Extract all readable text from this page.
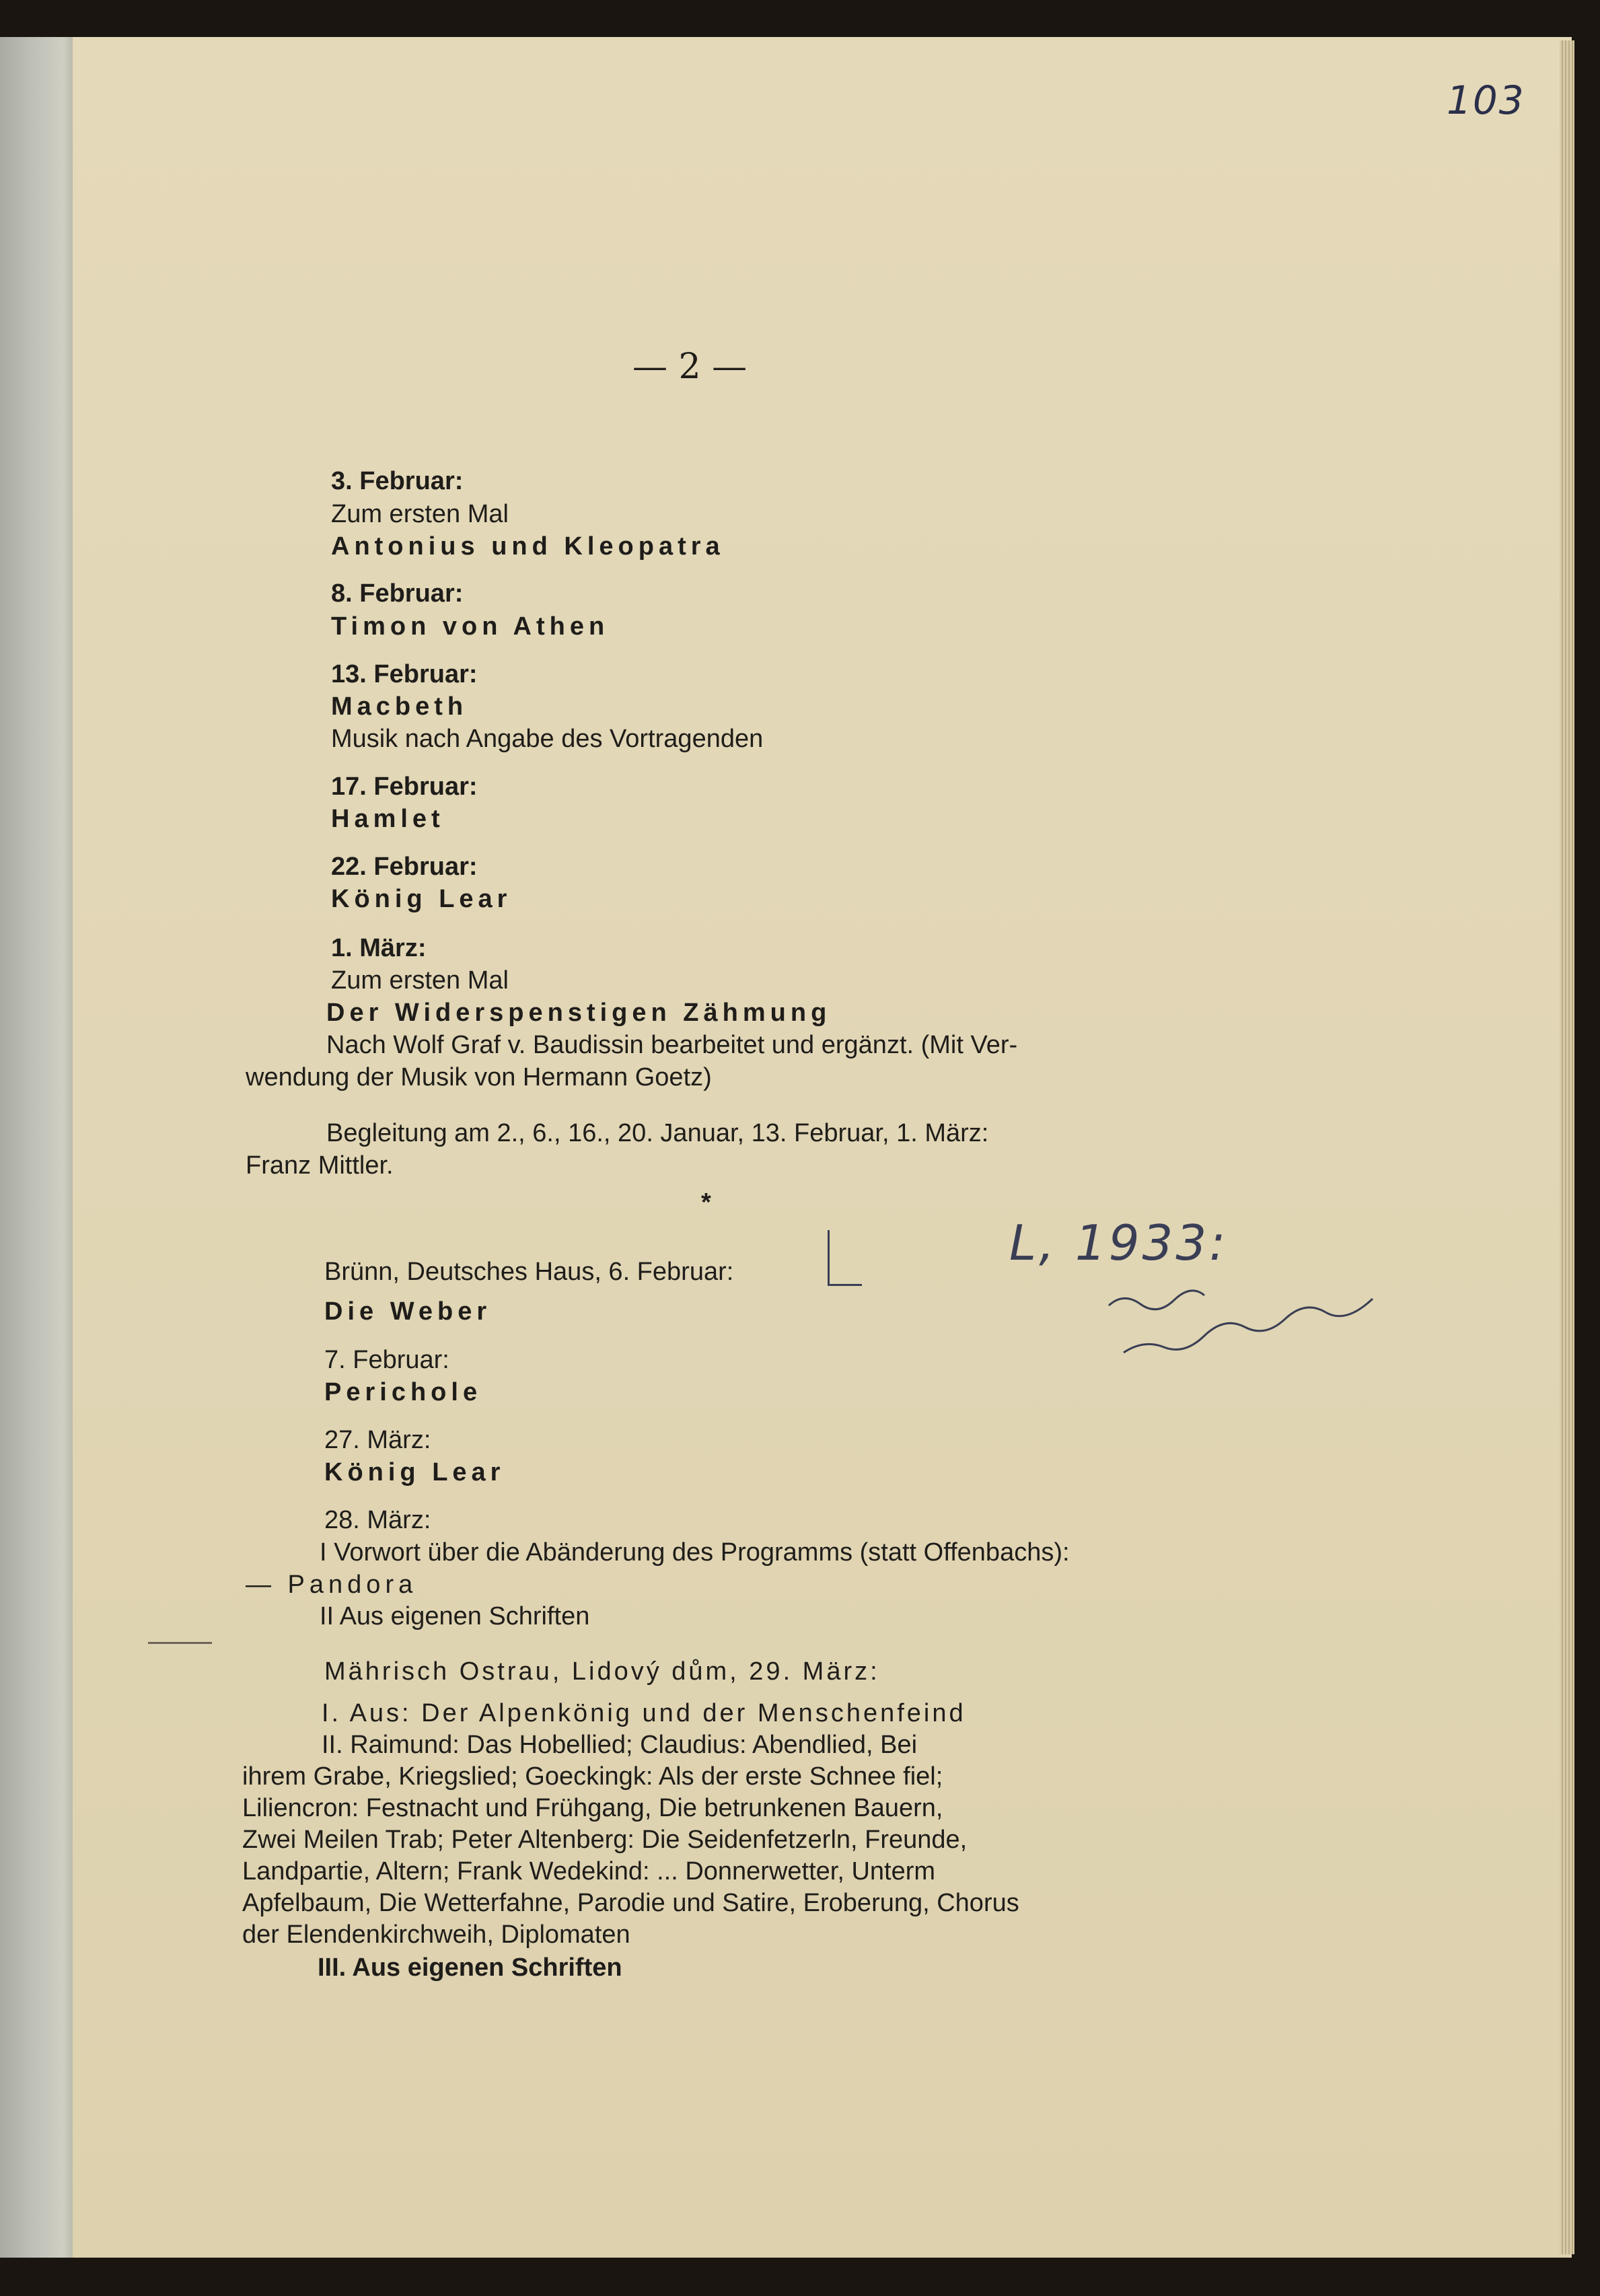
103
— 2 —
3. Februar:
Zum ersten Mal
Antonius und Kleopatra
8. Februar:
Timon von Athen
13. Februar:
Macbeth
Musik nach Angabe des Vortragenden
17. Februar:
Hamlet
22. Februar:
König Lear
1. März:
Zum ersten Mal
Der Widerspenstigen Zähmung
Nach Wolf Graf v. Baudissin bearbeitet und ergänzt. (Mit Ver-
wendung der Musik von Hermann Goetz)
Begleitung am 2., 6., 16., 20. Januar, 13. Februar, 1. März:
Franz Mittler.
*
Brünn, Deutsches Haus, 6. Februar:
Die Weber
7. Februar:
Perichole
27. März:
König Lear
28. März:
I Vorwort über die Abänderung des Programms (statt Offenbachs):
— Pandora
II Aus eigenen Schriften
Mährisch Ostrau, Lidový dům, 29. März:
I. Aus: Der Alpenkönig und der Menschenfeind
II. Raimund: Das Hobellied; Claudius: Abendlied, Bei
ihrem Grabe, Kriegslied; Goeckingk: Als der erste Schnee fiel;
Liliencron: Festnacht und Frühgang, Die betrunkenen Bauern,
Zwei Meilen Trab; Peter Altenberg: Die Seidenfetzerln, Freunde,
Landpartie, Altern; Frank Wedekind: ... Donnerwetter, Unterm
Apfelbaum, Die Wetterfahne, Parodie und Satire, Eroberung, Chorus
der Elendenkirchweih, Diplomaten
III. Aus eigenen Schriften
L, 1933:
